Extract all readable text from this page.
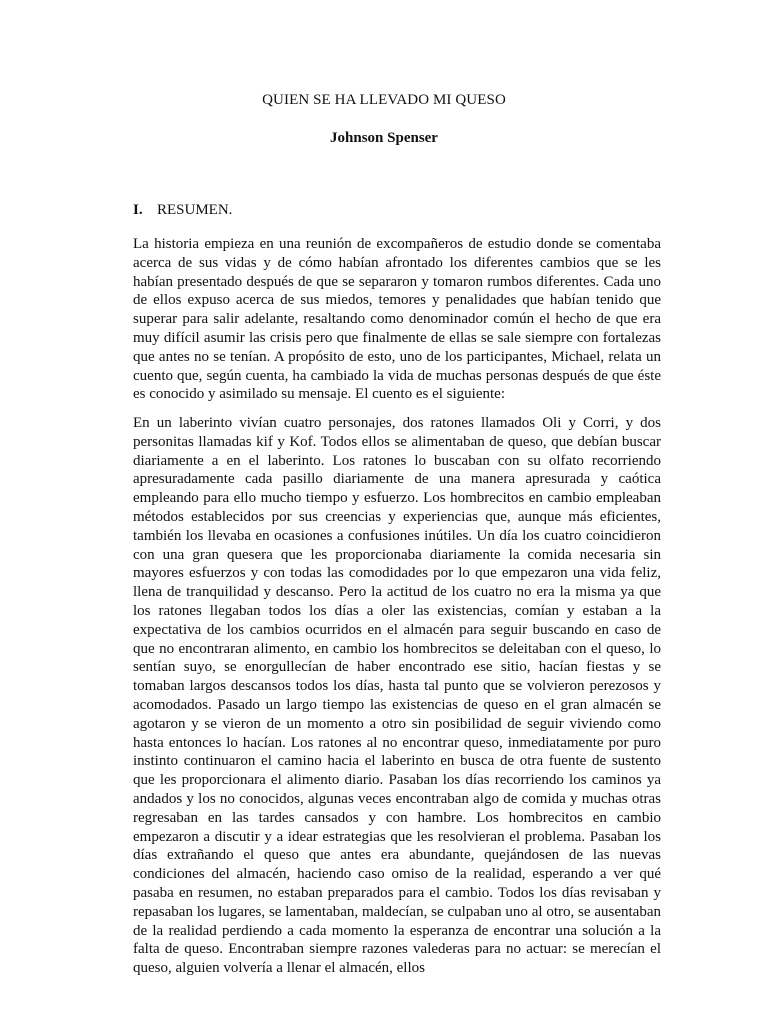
QUIEN SE HA LLEVADO MI QUESO
Johnson Spenser
I. RESUMEN.

La historia empieza en una reunión de excompañeros de estudio donde se comentaba acerca de sus vidas y de cómo habían afrontado los diferentes cambios que se les habían presentado después de que se separaron y tomaron rumbos diferentes. Cada uno de ellos expuso acerca de sus miedos, temores y penalidades que habían tenido que superar para salir adelante, resaltando como denominador común el hecho de que era muy difícil asumir las crisis pero que finalmente de ellas se sale siempre con fortalezas que antes no se tenían. A propósito de esto, uno de los participantes, Michael, relata un cuento que, según cuenta, ha cambiado la vida de muchas personas después de que éste es conocido y asimilado su mensaje. El cuento es el siguiente:

En un laberinto vivían cuatro personajes, dos ratones llamados Oli y Corri, y dos personitas llamadas kif y Kof. Todos ellos se alimentaban de queso, que debían buscar diariamente a en el laberinto. Los ratones lo buscaban con su olfato recorriendo apresuradamente cada pasillo diariamente de una manera apresurada y caótica empleando para ello mucho tiempo y esfuerzo. Los hombrecitos en cambio empleaban métodos establecidos por sus creencias y experiencias que, aunque más eficientes, también los llevaba en ocasiones a confusiones inútiles. Un día los cuatro coincidieron con una gran quesera que les proporcionaba diariamente la comida necesaria sin mayores esfuerzos y con todas las comodidades por lo que empezaron una vida feliz, llena de tranquilidad y descanso. Pero la actitud de los cuatro no era la misma ya que los ratones llegaban todos los días a oler las existencias, comían y estaban a la expectativa de los cambios ocurridos en el almacén para seguir buscando en caso de que no encontraran alimento, en cambio los hombrecitos se deleitaban con el queso, lo sentían suyo, se enorgullecían de haber encontrado ese sitio, hacían fiestas y se tomaban largos descansos todos los días, hasta tal punto que se volvieron perezosos y acomodados. Pasado un largo tiempo las existencias de queso en el gran almacén se agotaron y se vieron de un momento a otro sin posibilidad de seguir viviendo como hasta entonces lo hacían. Los ratones al no encontrar queso, inmediatamente por puro instinto continuaron el camino hacia el laberinto en busca de otra fuente de sustento que les proporcionara el alimento diario. Pasaban los días recorriendo los caminos ya andados y los no conocidos, algunas veces encontraban algo de comida y muchas otras regresaban en las tardes cansados y con hambre. Los hombrecitos en cambio empezaron a discutir y a idear estrategias que les resolvieran el problema. Pasaban los días extrañando el queso que antes era abundante, quejándosen de las nuevas condiciones del almacén, haciendo caso omiso de la realidad, esperando a ver qué pasaba en resumen, no estaban preparados para el cambio. Todos los días revisaban y repasaban los lugares, se lamentaban, maldecían, se culpaban uno al otro, se ausentaban de la realidad perdiendo a cada momento la esperanza de encontrar una solución a la falta de queso. Encontraban siempre razones valederas para no actuar: se merecían el queso, alguien volvería a llenar el almacén, ellos
